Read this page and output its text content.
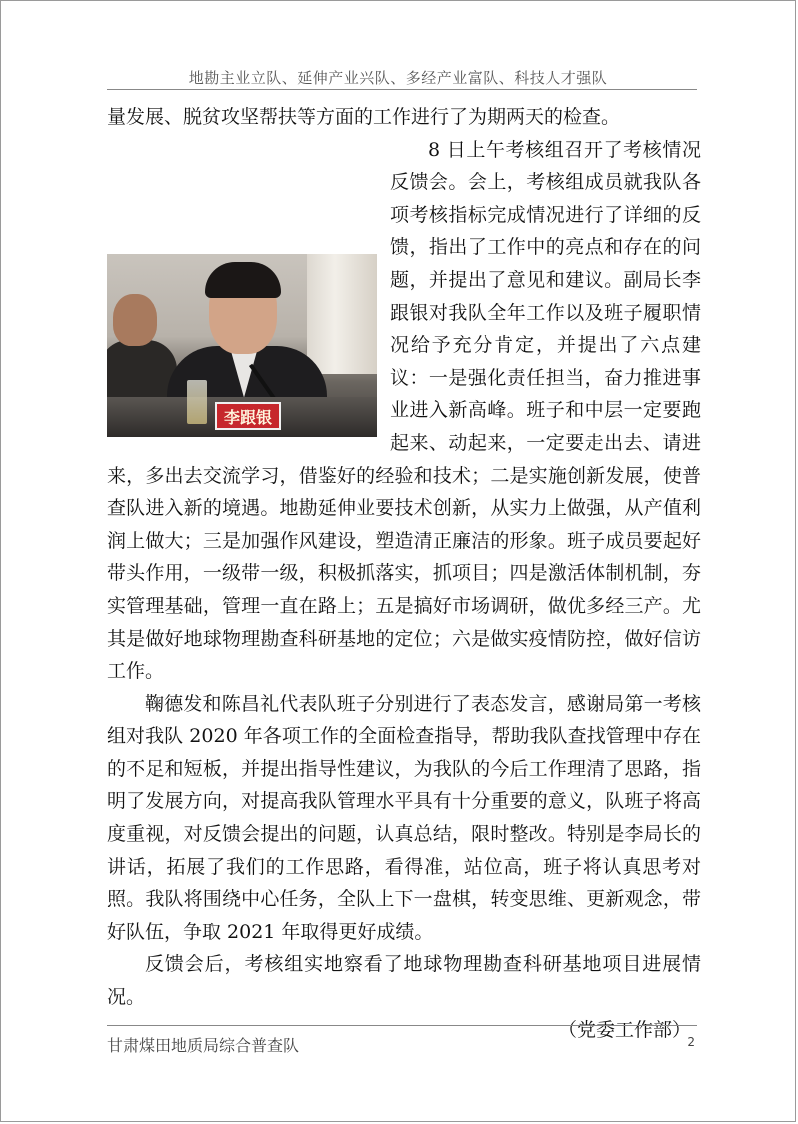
地勘主业立队、延伸产业兴队、多经产业富队、科技人才强队

量发展、脱贫攻坚帮扶等方面的工作进行了为期两天的检查。

李跟银

8 日上午考核组召开了考核情况反馈会。会上，考核组成员就我队各项考核指标完成情况进行了详细的反馈，指出了工作中的亮点和存在的问题，并提出了意见和建议。副局长李跟银对我队全年工作以及班子履职情况给予充分肯定，并提出了六点建议：一是强化责任担当，奋力推进事业进入新高峰。班子和中层一定要跑起来、动起来，一定要走出去、请进来，多出去交流学习，借鉴好的经验和技术；二是实施创新发展，使普查队进入新的境遇。地勘延伸业要技术创新，从实力上做强，从产值利润上做大；三是加强作风建设，塑造清正廉洁的形象。班子成员要起好带头作用，一级带一级，积极抓落实，抓项目；四是激活体制机制，夯实管理基础，管理一直在路上；五是搞好市场调研，做优多经三产。尤其是做好地球物理勘查科研基地的定位；六是做实疫情防控，做好信访工作。

鞠德发和陈昌礼代表队班子分别进行了表态发言，感谢局第一考核组对我队 2020 年各项工作的全面检查指导，帮助我队查找管理中存在的不足和短板，并提出指导性建议，为我队的今后工作理清了思路，指明了发展方向，对提高我队管理水平具有十分重要的意义，队班子将高度重视，对反馈会提出的问题，认真总结，限时整改。特别是李局长的讲话，拓展了我们的工作思路，看得准，站位高，班子将认真思考对照。我队将围绕中心任务，全队上下一盘棋，转变思维、更新观念，带好队伍，争取 2021 年取得更好成绩。

反馈会后，考核组实地察看了地球物理勘查科研基地项目进展情况。

（党委工作部）

甘肃煤田地质局综合普查队	2
